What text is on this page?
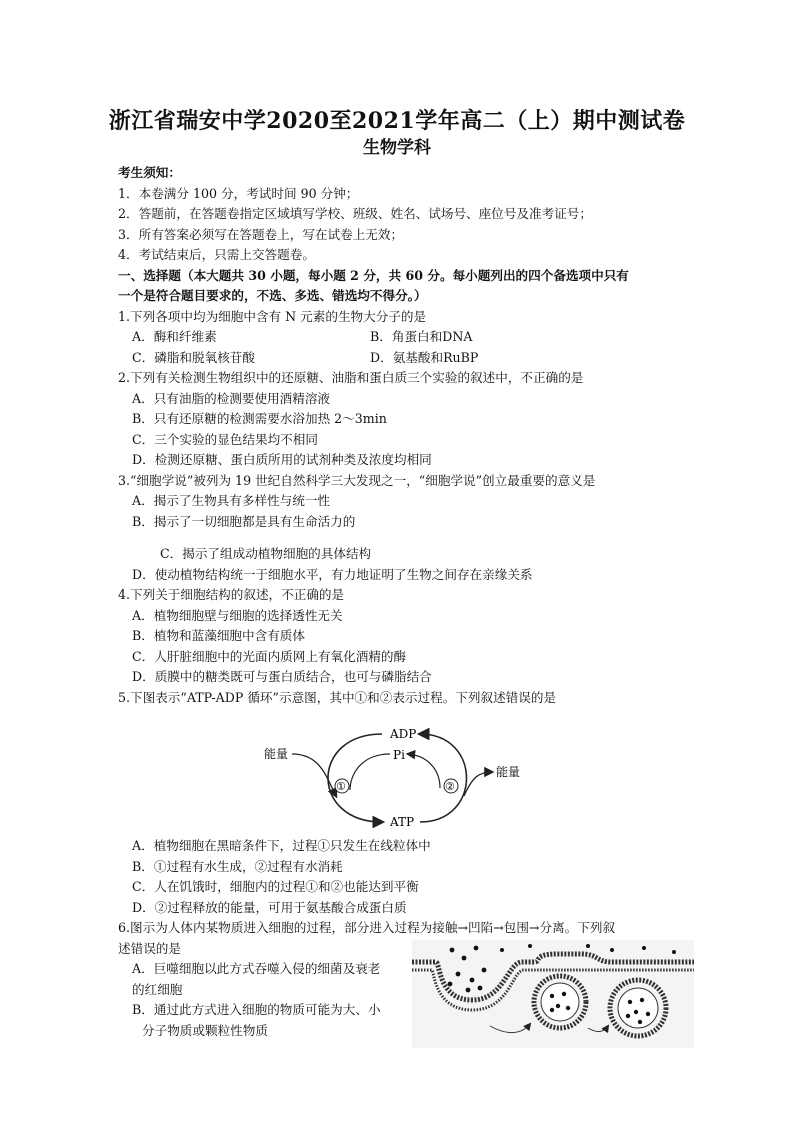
浙江省瑞安中学2020至2021学年高二（上）期中测试卷
生物学科
考生须知：
1．本卷满分 100 分，考试时间 90 分钟；
2．答题前，在答题卷指定区域填写学校、班级、姓名、试场号、座位号及准考证号；
3．所有答案必须写在答题卷上，写在试卷上无效；
4．考试结束后，只需上交答题卷。
一、选择题（本大题共 30 小题，每小题 2 分，共 60 分。每小题列出的四个备选项中只有
一个是符合题目要求的，不选、多选、错选均不得分。）
1.下列各项中均为细胞中含有 N 元素的生物大分子的是
A．酶和纤维素	B．角蛋白和DNA
C．磷脂和脱氧核苷酸	D．氨基酸和RuBP
2.下列有关检测生物组织中的还原糖、油脂和蛋白质三个实验的叙述中，不正确的是
A．只有油脂的检测要使用酒精溶液
B．只有还原糖的检测需要水浴加热 2～3min
C．三个实验的显色结果均不相同
D．检测还原糖、蛋白质所用的试剂种类及浓度均相同
3.“细胞学说”被列为 19 世纪自然科学三大发现之一，“细胞学说”创立最重要的意义是
A．揭示了生物具有多样性与统一性
B．揭示了一切细胞都是具有生命活力的
C．揭示了组成动植物细胞的具体结构
D．使动植物结构统一于细胞水平，有力地证明了生物之间存在亲缘关系
4.下列关于细胞结构的叙述，不正确的是
A．植物细胞壁与细胞的选择透性无关
B．植物和蓝藻细胞中含有质体
C．人肝脏细胞中的光面内质网上有氧化酒精的酶
D．质膜中的糖类既可与蛋白质结合，也可与磷脂结合
5.下图表示“ATP-ADP 循环”示意图，其中①和②表示过程。下列叙述错误的是
A．植物细胞在黑暗条件下，过程①只发生在线粒体中
B．①过程有水生成，②过程有水消耗
C．人在饥饿时，细胞内的过程①和②也能达到平衡
D．②过程释放的能量，可用于氨基酸合成蛋白质
6.图示为人体内某物质进入细胞的过程，部分进入过程为接触→凹陷→包围→分离。下列叙
述错误的是
A．巨噬细胞以此方式吞噬入侵的细菌及衰老
的红细胞
B．通过此方式进入细胞的物质可能为大、小
分子物质或颗粒性物质
ADP
Pi
ATP
能量
能量
①	②
